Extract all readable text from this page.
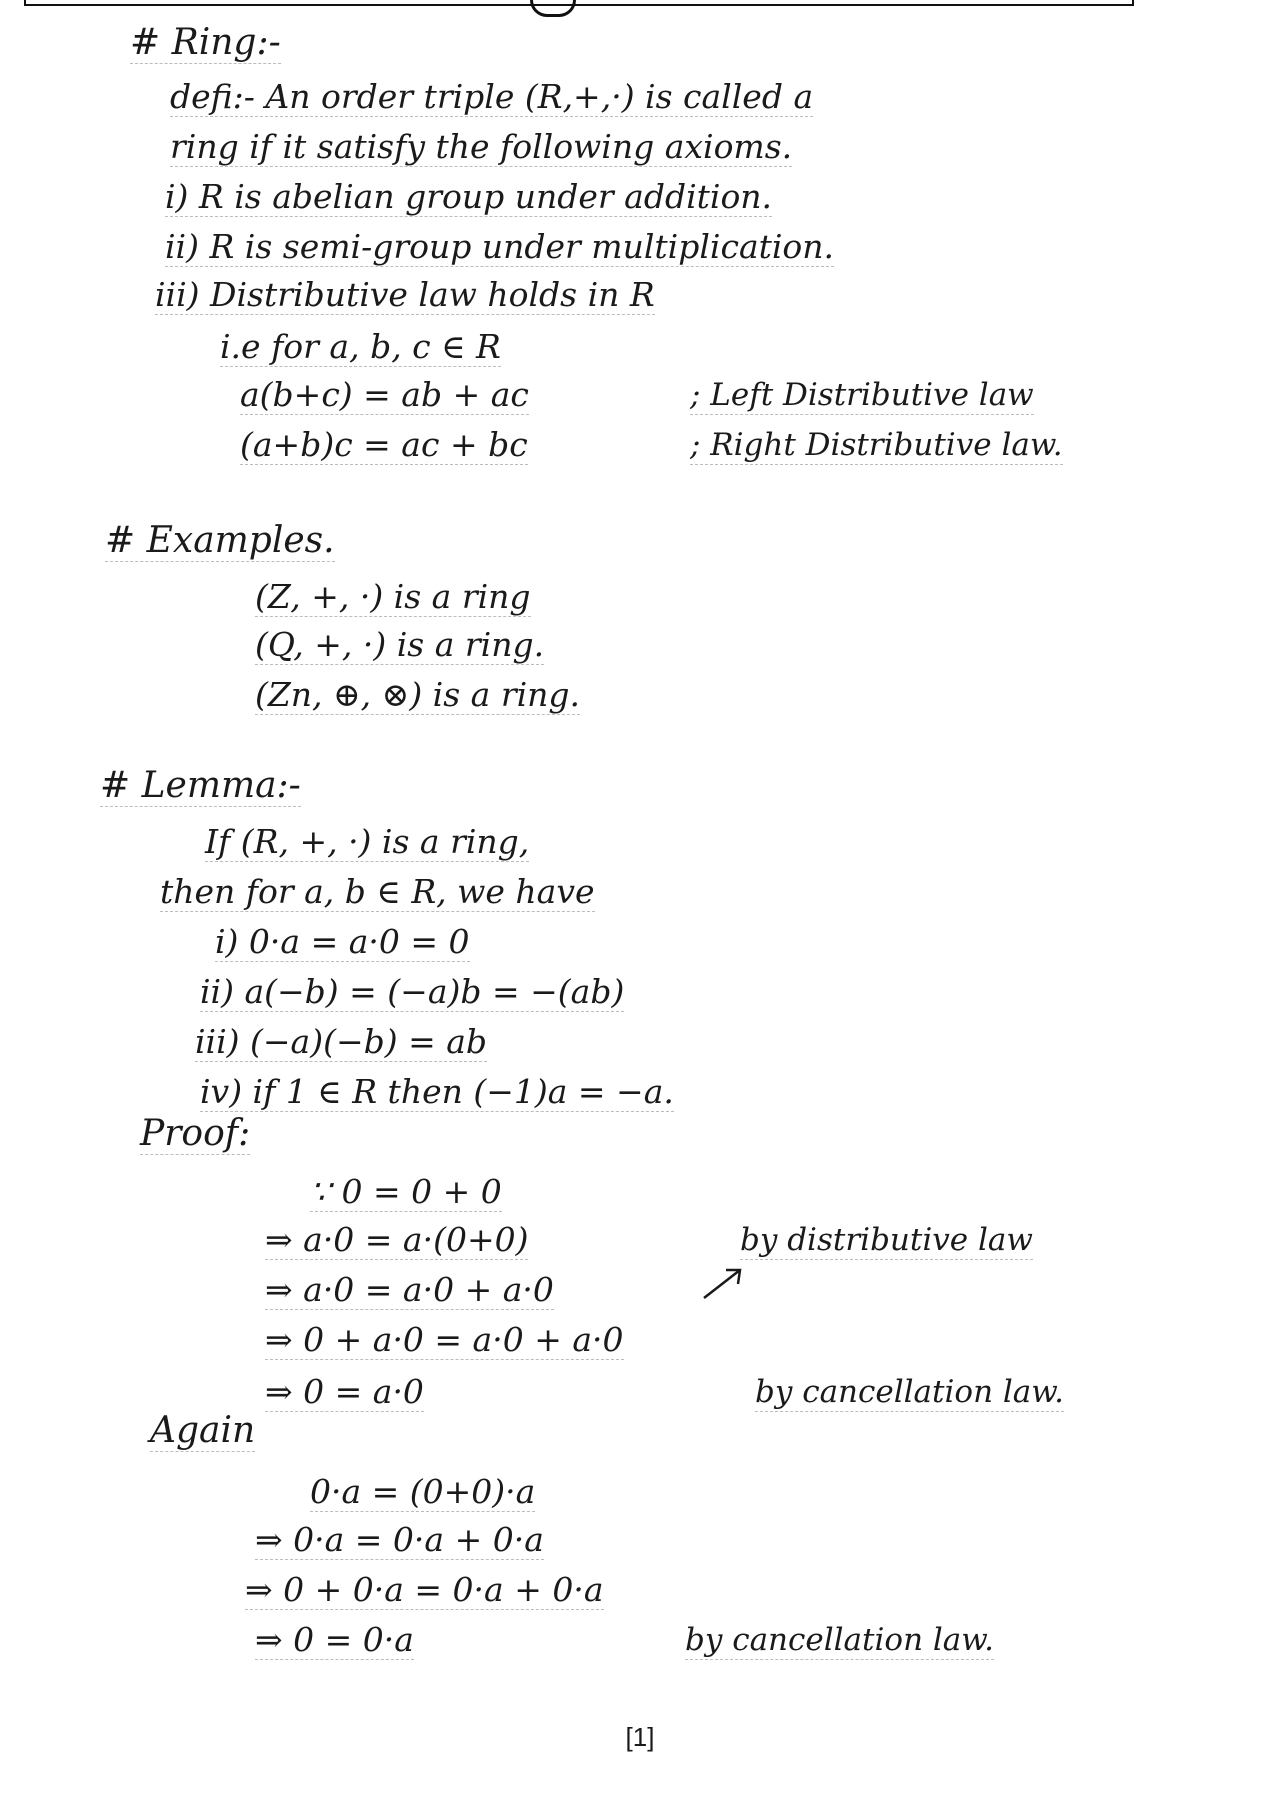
# Ring:-
defi:- An order triple (R,+,·) is called a
ring if it satisfy the following axioms.
i) R is abelian group under addition.
ii) R is semi-group under multiplication.
iii) Distributive law holds in R
i.e for a, b, c ∈ R
a(b+c) = ab + ac	; Left Distributive law
(a+b)c = ac + bc	; Right Distributive law.
# Examples.
(Z, +, ·) is a ring
(Q, +, ·) is a ring.
(Zn, ⊕, ⊗) is a ring.
# Lemma:-
If (R, +, ·) is a ring,
then for a, b ∈ R, we have
i) 0·a = a·0 = 0
ii) a(−b) = (−a)b = −(ab)
iii) (−a)(−b) = ab
iv) if 1 ∈ R then (−1)a = −a.
Proof:
∵ 0 = 0 + 0
⇒ a·0 = a·(0+0)	by distributive law
⇒ a·0 = a·0 + a·0
⇒ 0 + a·0 = a·0 + a·0
⇒ 0 = a·0	by cancellation law.
Again
0·a = (0+0)·a
⇒ 0·a = 0·a + 0·a
⇒ 0 + 0·a = 0·a + 0·a
⇒ 0 = 0·a	by cancellation law.
[1]
